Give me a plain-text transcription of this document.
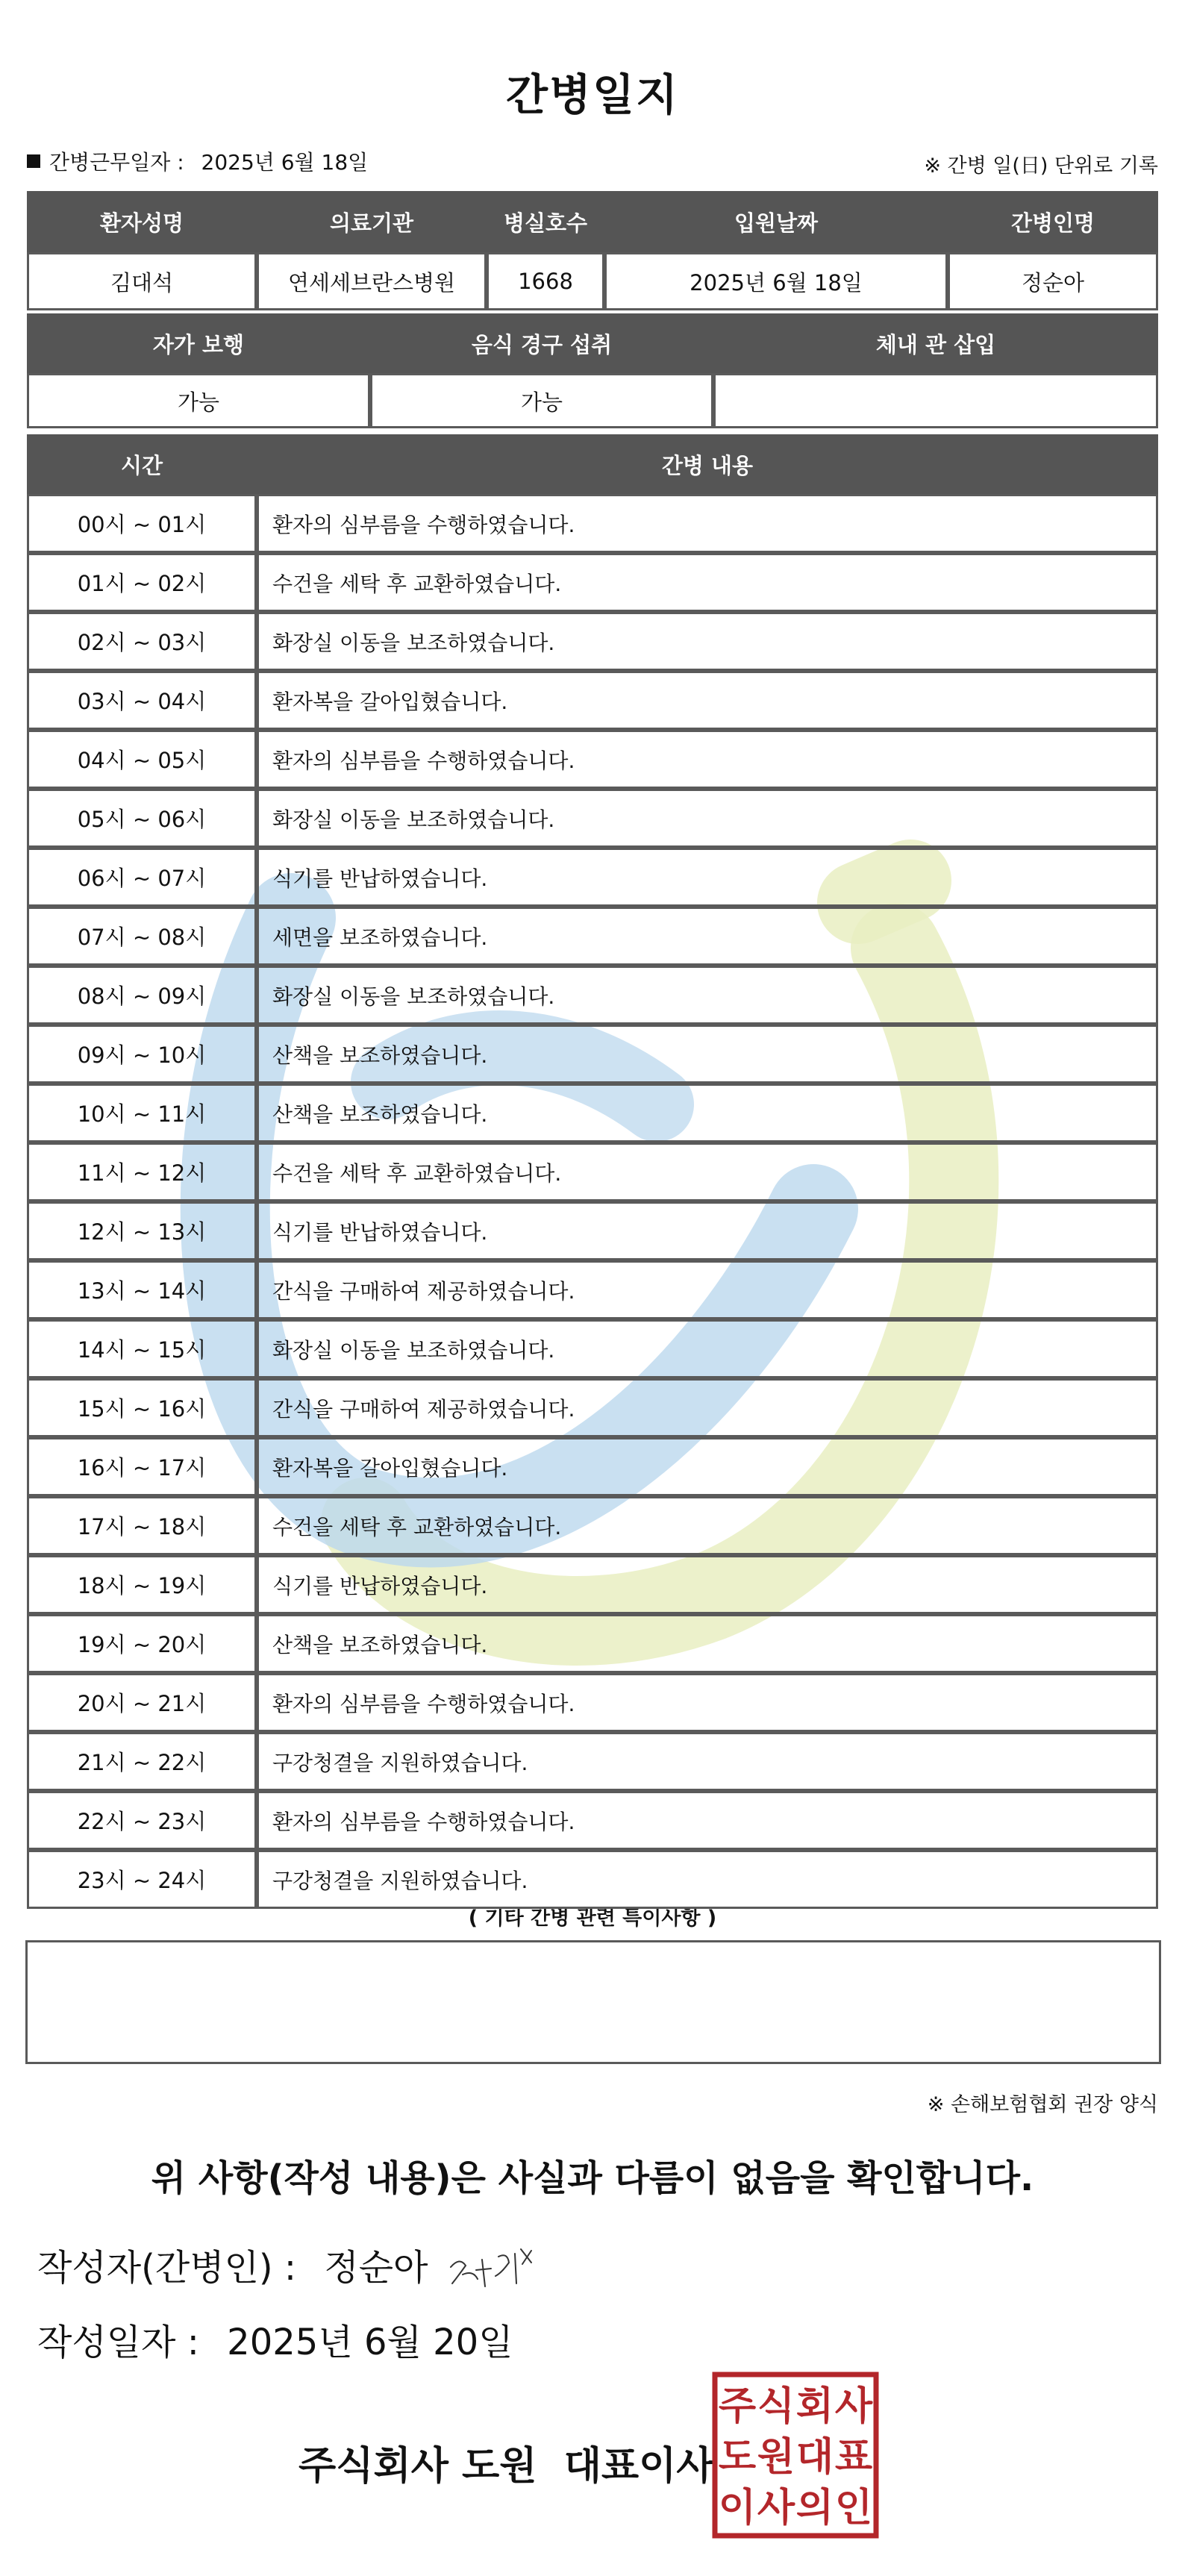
간병일지
간병근무일자 : 2025년 6월 18일	※ 간병 일(日) 단위로 기록
환자성명	의료기관	병실호수	입원날짜	간병인명
김대석	연세세브란스병원	1668	2025년 6월 18일	정순아
자가 보행	음식 경구 섭취	체내 관 삽입
가능	가능	
시간	간병 내용
00시 ~ 01시	환자의 심부름을 수행하였습니다.
01시 ~ 02시	수건을 세탁 후 교환하였습니다.
02시 ~ 03시	화장실 이동을 보조하였습니다.
03시 ~ 04시	환자복을 갈아입혔습니다.
04시 ~ 05시	환자의 심부름을 수행하였습니다.
05시 ~ 06시	화장실 이동을 보조하였습니다.
06시 ~ 07시	식기를 반납하였습니다.
07시 ~ 08시	세면을 보조하였습니다.
08시 ~ 09시	화장실 이동을 보조하였습니다.
09시 ~ 10시	산책을 보조하였습니다.
10시 ~ 11시	산책을 보조하였습니다.
11시 ~ 12시	수건을 세탁 후 교환하였습니다.
12시 ~ 13시	식기를 반납하였습니다.
13시 ~ 14시	간식을 구매하여 제공하였습니다.
14시 ~ 15시	화장실 이동을 보조하였습니다.
15시 ~ 16시	간식을 구매하여 제공하였습니다.
16시 ~ 17시	환자복을 갈아입혔습니다.
17시 ~ 18시	수건을 세탁 후 교환하였습니다.
18시 ~ 19시	식기를 반납하였습니다.
19시 ~ 20시	산책을 보조하였습니다.
20시 ~ 21시	환자의 심부름을 수행하였습니다.
21시 ~ 22시	구강청결을 지원하였습니다.
22시 ~ 23시	환자의 심부름을 수행하였습니다.
23시 ~ 24시	구강청결을 지원하였습니다.
( 기타 간병 관련 특이사항 )
※ 손해보험협회 권장 양식
위 사항(작성 내용)은 사실과 다름이 없음을 확인합니다.
작성자(간병인) : 정순아
작성일자 : 2025년 6월 20일
주식회사 도원  대표이사
주 식 회 사
도 원 대 표
이 사 의 인
